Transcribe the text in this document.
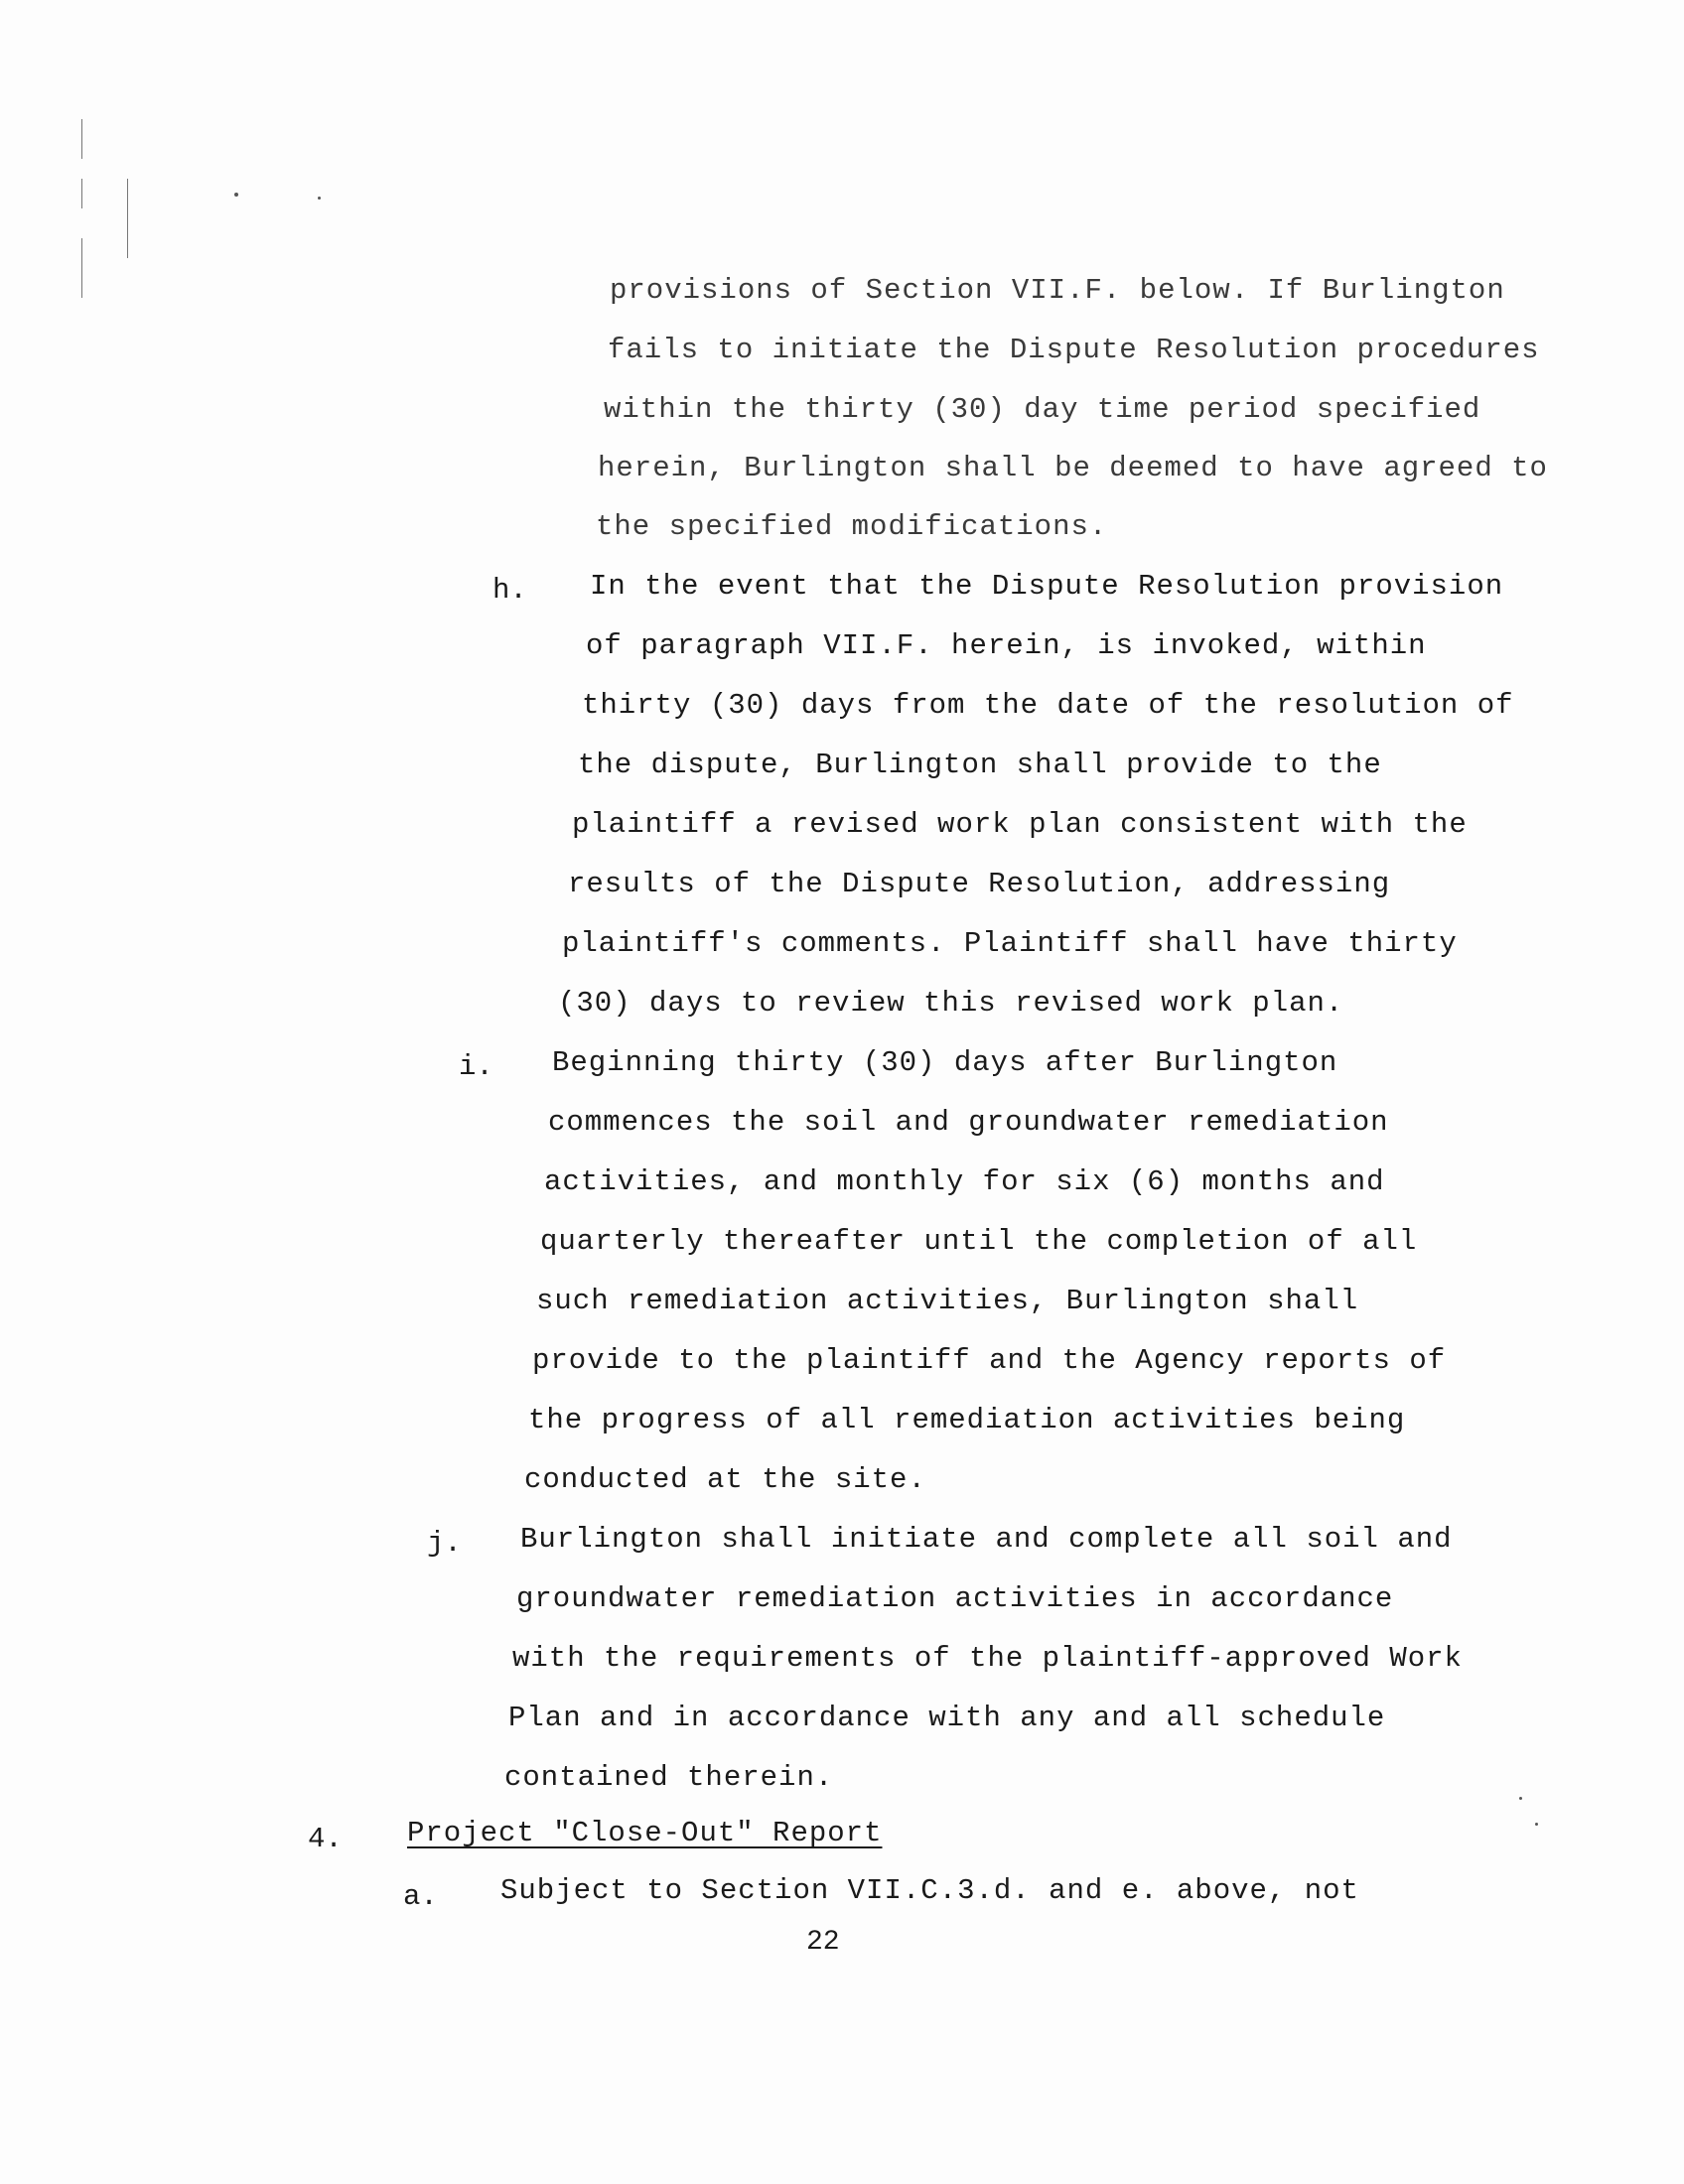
provisions of Section VII.F. below. If Burlington
fails to initiate the Dispute Resolution procedures
within the thirty (30) day time period specified
herein, Burlington shall be deemed to have agreed to
the specified modifications.
h. In the event that the Dispute Resolution provision
of paragraph VII.F. herein, is invoked, within
thirty (30) days from the date of the resolution of
the dispute, Burlington shall provide to the
plaintiff a revised work plan consistent with the
results of the Dispute Resolution, addressing
plaintiff's comments. Plaintiff shall have thirty
(30) days to review this revised work plan.
i. Beginning thirty (30) days after Burlington
commences the soil and groundwater remediation
activities, and monthly for six (6) months and
quarterly thereafter until the completion of all
such remediation activities, Burlington shall
provide to the plaintiff and the Agency reports of
the progress of all remediation activities being
conducted at the site.
j. Burlington shall initiate and complete all soil and
groundwater remediation activities in accordance
with the requirements of the plaintiff-approved Work
Plan and in accordance with any and all schedule
contained therein.
4. Project "Close-Out" Report
a. Subject to Section VII.C.3.d. and e. above, not
22
